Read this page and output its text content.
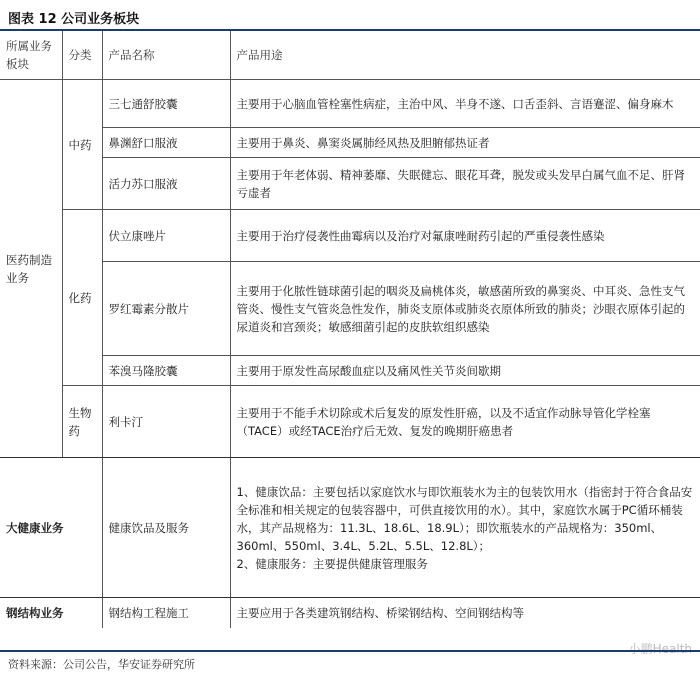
图表 12 公司业务板块
所属业务板块	分类	产品名称	产品用途
医药制造业务	中药	三七通舒胶囊	主要用于心脑血管栓塞性病症，主治中风、半身不遂、口舌歪斜、言语蹇涩、偏身麻木
		鼻渊舒口服液	主要用于鼻炎、鼻窦炎属肺经风热及胆腑郁热证者
		活力苏口服液	主要用于年老体弱、精神萎靡、失眠健忘、眼花耳聋，脱发或头发早白属气血不足、肝肾亏虚者
	化药	伏立康唑片	主要用于治疗侵袭性曲霉病以及治疗对氟康唑耐药引起的严重侵袭性感染
		罗红霉素分散片	主要用于化脓性链球菌引起的咽炎及扁桃体炎，敏感菌所致的鼻窦炎、中耳炎、急性支气管炎、慢性支气管炎急性发作，肺炎支原体或肺炎衣原体所致的肺炎；沙眼衣原体引起的尿道炎和宫颈炎；敏感细菌引起的皮肤软组织感染
		苯溴马隆胶囊	主要用于原发性高尿酸血症以及痛风性关节炎间歇期
	生物药	利卡汀	主要用于不能手术切除或术后复发的原发性肝癌，以及不适宜作动脉导管化学栓塞（TACE）或经TACE治疗后无效、复发的晚期肝癌患者
大健康业务		健康饮品及服务	1、健康饮品：主要包括以家庭饮水与即饮瓶装水为主的包装饮用水（指密封于符合食品安全标准和相关规定的包装容器中，可供直接饮用的水）。其中，家庭饮水属于PC循环桶装水，其产品规格为：11.3L、18.6L、18.9L）；即饮瓶装水的产品规格为：350ml、360ml、550ml、3.4L、5.2L、5.5L、12.8L）；
2、健康服务：主要提供健康管理服务

钢结构业务		钢结构工程施工	主要应用于各类建筑钢结构、桥梁钢结构、空间钢结构等
小鹏Health
资料来源：公司公告，华安证券研究所
